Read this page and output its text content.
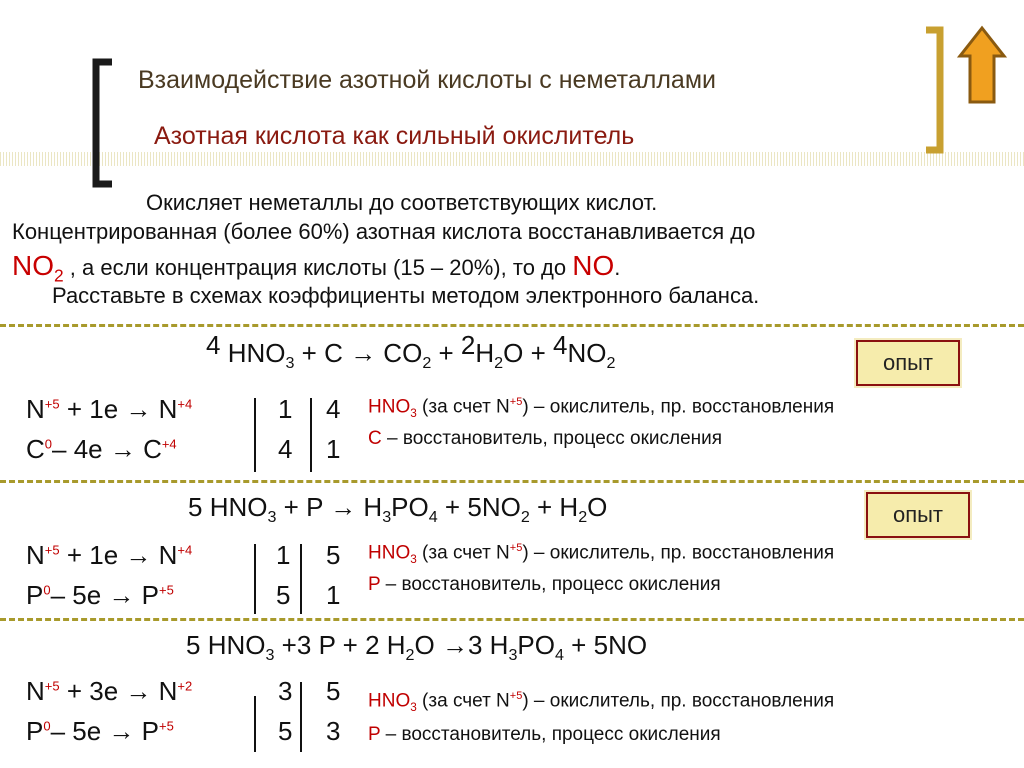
Взаимодействие азотной кислоты с неметаллами
Азотная кислота как сильный окислитель
Окисляет неметаллы до соответствующих кислот.
Концентрированная (более 60%) азотная кислота восстанавливается до
$NO_2$ , а если концентрация кислоты (15 – 20%), то до NO.
Расставьте в схемах коэффициенты методом электронного баланса.
4 $HNO_3 + C \to CO_2 + 2H_2O + 4NO_2$	опыт
$N^{+5} + 1e \to N^{+4}$
$C^0-$ $4e \to C^{+4}$
1 4
4 1
$HNO_3$ (за счет $N^{+5}$) – окислитель, пр. восстановления
C – восстановитель, процесс окисления
5 $HNO_3 + P \to H_3PO_4 + 5NO_2 + H_2O$	опыт
$N^{+5} + 1e \to N^{+4}$
$P^0-$ $5e \to P^{+5}$
1 5
5 1
$HNO_3$ (за счет $N^{+5}$) – окислитель, пр. восстановления
P – восстановитель, процесс окисления
5 $HNO_3 +3$ P + 2 $H_2O \to 3$ $H_3PO_4 + 5NO$
$N^{+5} + 3e \to N^{+2}$
$P^0-$ $5e \to P^{+5}$
3 5
5 3
$HNO_3$ (за счет $N^{+5}$) – окислитель, пр. восстановления
P – восстановитель, процесс окисления
